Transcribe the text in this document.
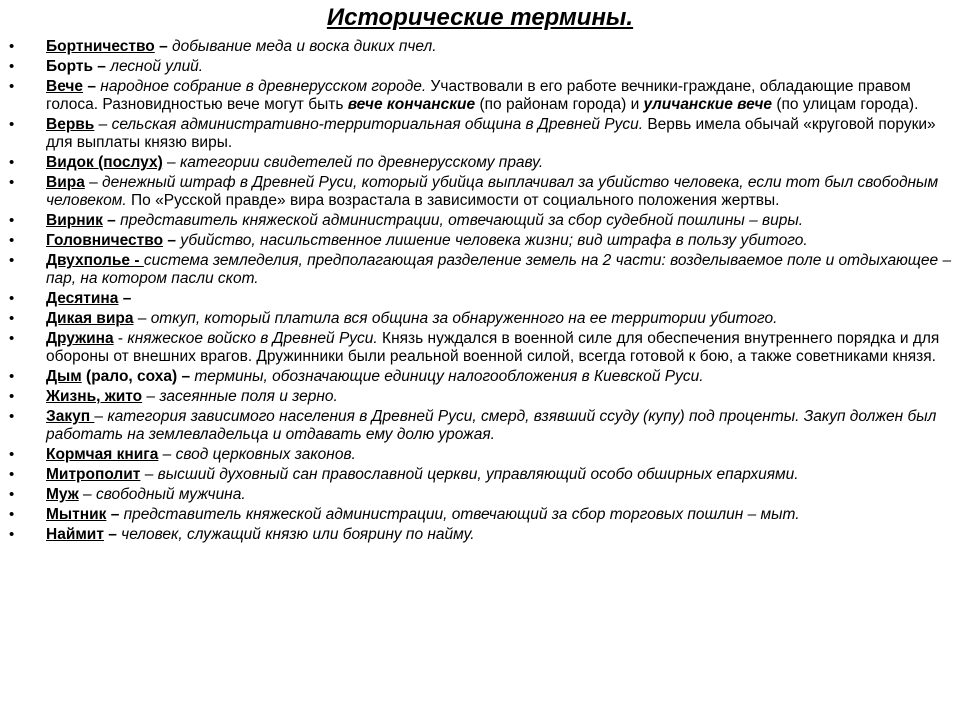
Исторические термины.
• Бортничество – добывание меда и воска диких пчел.
• Борть – лесной улий.
• Вече – народное собрание в древнерусском городе. Участвовали в его работе вечники-граждане, обладающие правом голоса. Разновидностью вече могут быть вече кончанские (по районам города) и уличанские вече (по улицам города).
• Вервь – сельская административно-территориальная община в Древней Руси. Вервь имела обычай «круговой поруки» для выплаты князю виры.
• Видок (послух) – категории свидетелей по древнерусскому праву.
• Вира – денежный штраф в Древней Руси, который убийца выплачивал за убийство человека, если тот был свободным человеком. По «Русской правде» вира возрастала в зависимости от социального положения жертвы.
• Вирник – представитель княжеской администрации, отвечающий за сбор судебной пошлины – виры.
• Головничество – убийство, насильственное лишение человека жизни; вид штрафа в пользу убитого.
• Двухполье - система земледелия, предполагающая разделение земель на 2 части: возделываемое поле и отдыхающее – пар, на котором пасли скот.
• Десятина –
• Дикая вира – откуп, который платила вся община за обнаруженного на ее территории убитого.
• Дружина - княжеское войско в Древней Руси. Князь нуждался в военной силе для обеспечения внутреннего порядка и для обороны от внешних врагов. Дружинники были реальной военной силой, всегда готовой к бою, а также советниками князя.
• Дым (рало, соха) – термины, обозначающие единицу налогообложения в Киевской Руси.
• Жизнь, жито – засеянные поля и зерно.
• Закуп – категория зависимого населения в Древней Руси, смерд, взявший ссуду (купу) под проценты. Закуп должен был работать на землевладельца и отдавать ему долю урожая.
• Кормчая книга – свод церковных законов.
• Митрополит – высший духовный сан православной церкви, управляющий особо обширных епархиями.
• Муж – свободный мужчина.
• Мытник – представитель княжеской администрации, отвечающий за сбор торговых пошлин – мыт.
• Наймит – человек, служащий князю или боярину по найму.
